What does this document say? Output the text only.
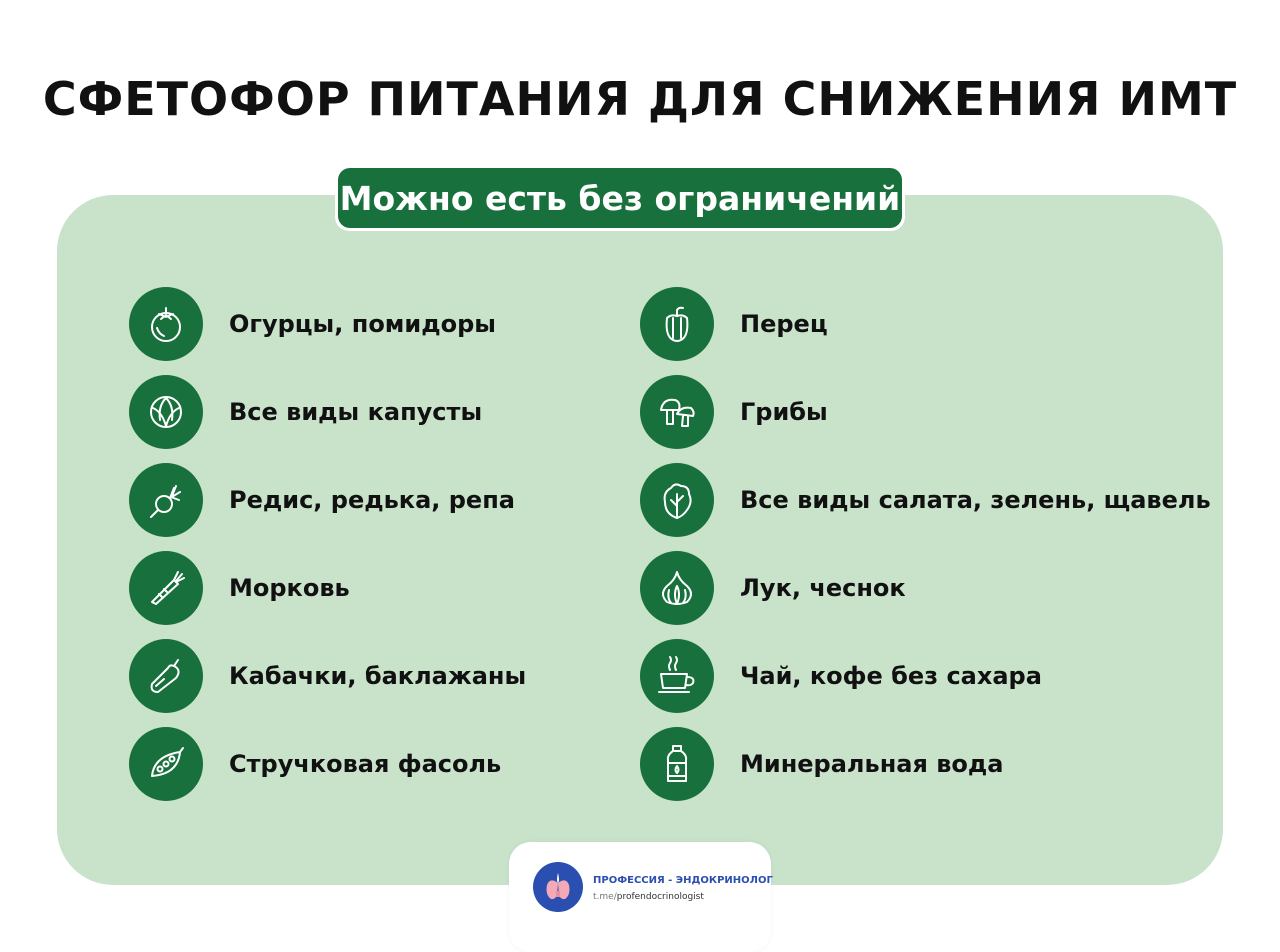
СФЕТОФОР ПИТАНИЯ ДЛЯ СНИЖЕНИЯ ИМТ
Можно есть без ограничений
Огурцы, помидоры
Все виды капусты
Редис, редька, репа
Морковь
Кабачки, баклажаны
Стручковая фасоль
Перец
Грибы
Все виды салата, зелень, щавель
Лук, чеснок
Чай, кофе без сахара
Минеральная вода
ПРОФЕССИЯ - ЭНДОКРИНОЛОГ
t.me/profendocrinologist
